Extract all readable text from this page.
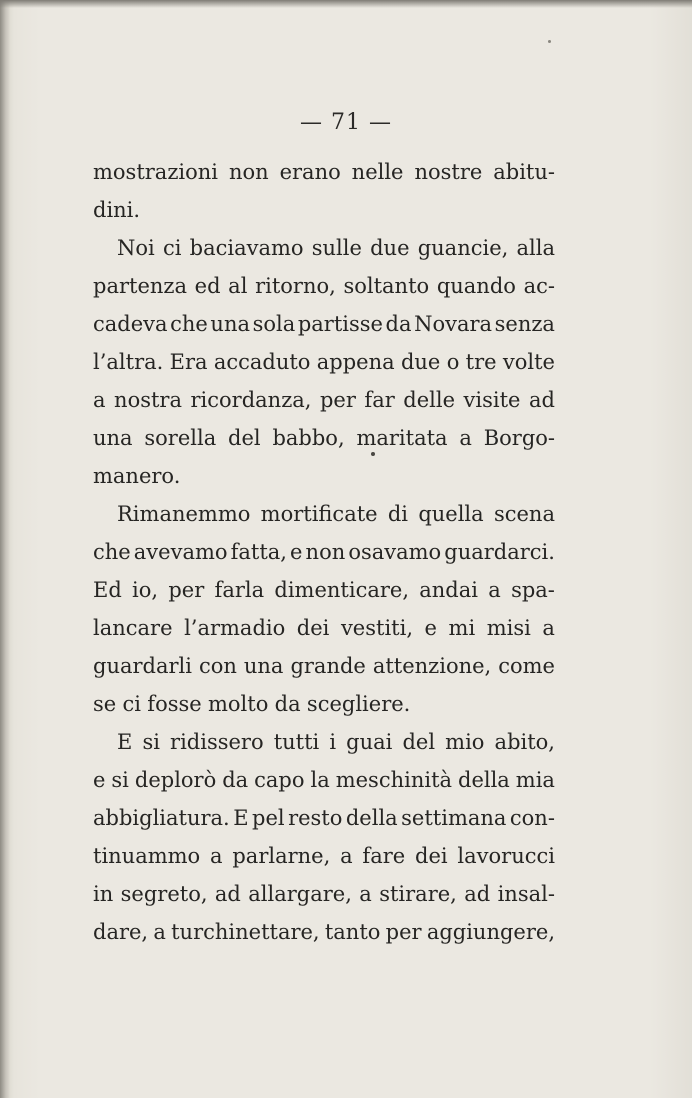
— 71 —
mostrazioni non erano nelle nostre abitu-
dini.
Noi ci baciavamo sulle due guancie, alla
partenza ed al ritorno, soltanto quando ac-
cadeva che una sola partisse da Novara senza
l’altra. Era accaduto appena due o tre volte
a nostra ricordanza, per far delle visite ad
una sorella del babbo, maritata a Borgo-
manero.
Rimanemmo mortificate di quella scena
che avevamo fatta, e non osavamo guardarci.
Ed io, per farla dimenticare, andai a spa-
lancare l’armadio dei vestiti, e mi misi a
guardarli con una grande attenzione, come
se ci fosse molto da scegliere.
E si ridissero tutti i guai del mio abito,
e si deplorò da capo la meschinità della mia
abbigliatura. E pel resto della settimana con-
tinuammo a parlarne, a fare dei lavorucci
in segreto, ad allargare, a stirare, ad insal-
dare, a turchinettare, tanto per aggiungere,
